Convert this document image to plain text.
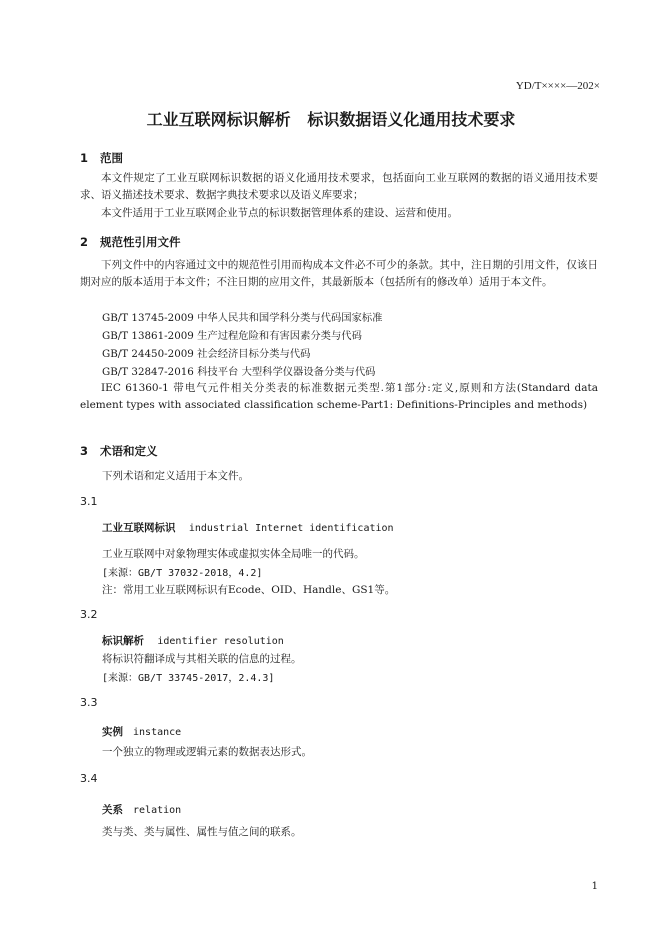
YD/T××××—202×
工业互联网标识解析   标识数据语义化通用技术要求
1   范围
本文件规定了工业互联网标识数据的语义化通用技术要求，包括面向工业互联网的数据的语义通用技术要求、语义描述技术要求、数据字典技术要求以及语义库要求；
本文件适用于工业互联网企业节点的标识数据管理体系的建设、运营和使用。
2   规范性引用文件
下列文件中的内容通过文中的规范性引用而构成本文件必不可少的条款。其中，注日期的引用文件，仅该日期对应的版本适用于本文件；不注日期的应用文件，其最新版本（包括所有的修改单）适用于本文件。
GB/T 13745-2009 中华人民共和国学科分类与代码国家标准
GB/T 13861-2009 生产过程危险和有害因素分类与代码
GB/T 24450-2009 社会经济目标分类与代码
GB/T 32847-2016 科技平台 大型科学仪器设备分类与代码
IEC 61360-1 带电气元件相关分类表的标准数据元类型.第1部分:定义,原则和方法(Standard data element types with associated classification scheme-Part1: Definitions-Principles and methods)
3   术语和定义
下列术语和定义适用于本文件。
3.1
工业互联网标识 industrial Internet identification
工业互联网中对象物理实体或虚拟实体全局唯一的代码。
[来源：GB/T 37032-2018，4.2]
注：常用工业互联网标识有Ecode、OID、Handle、GS1等。
3.2
标识解析 identifier resolution
将标识符翻译成与其相关联的信息的过程。
[来源：GB/T 33745-2017，2.4.3]
3.3
实例 instance
一个独立的物理或逻辑元素的数据表达形式。
3.4
关系 relation
类与类、类与属性、属性与值之间的联系。
1
